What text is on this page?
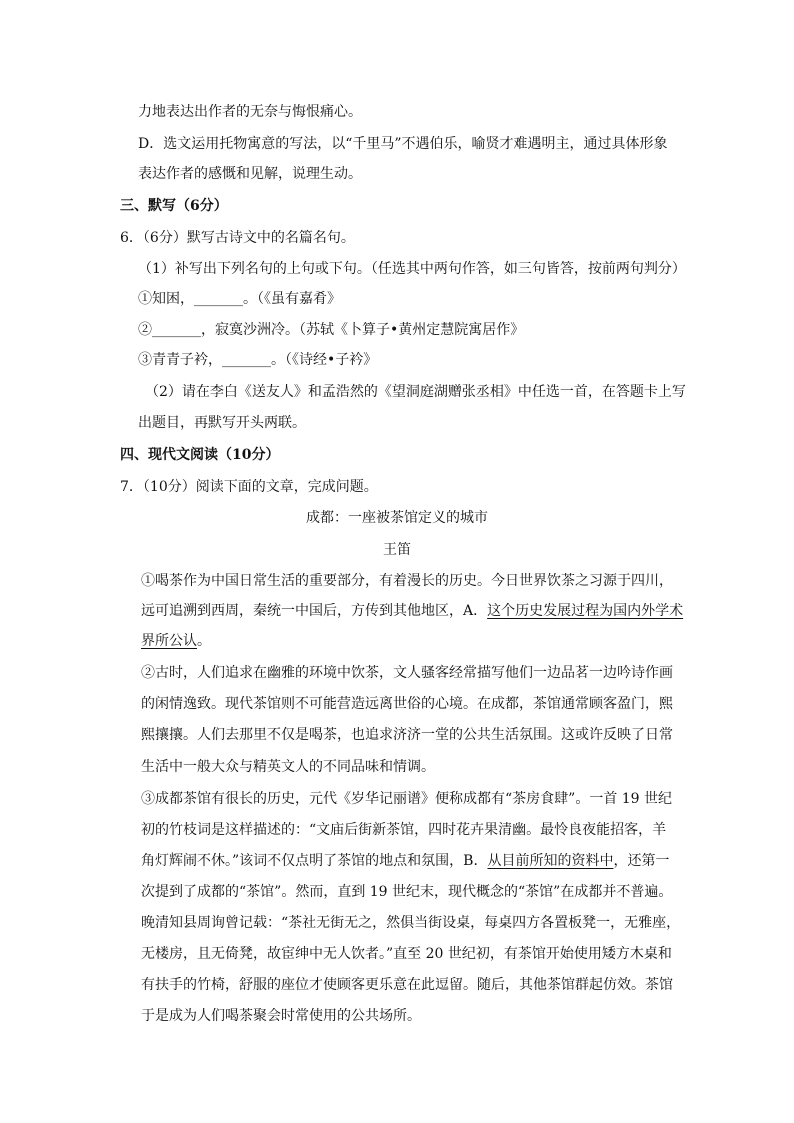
力地表达出作者的无奈与悔恨痛心。
D．选文运用托物寓意的写法，以“千里马”不遇伯乐，喻贤才难遇明主，通过具体形象
表达作者的感慨和见解，说理生动。
三、默写（6分）
6．（6分）默写古诗文中的名篇名句。
（1）补写出下列名句的上句或下句。（任选其中两句作答，如三句皆答，按前两句判分）
①知困，_______。（《虽有嘉肴》
②_______，寂寞沙洲冷。（苏轼《卜算子•黄州定慧院寓居作》
③青青子衿，_______。（《诗经•子衿》
（2）请在李白《送友人》和孟浩然的《望洞庭湖赠张丞相》中任选一首，在答题卡上写
出题目，再默写开头两联。
四、现代文阅读（10分）
7．（10分）阅读下面的文章，完成问题。
成都：一座被茶馆定义的城市
王笛
①喝茶作为中国日常生活的重要部分，有着漫长的历史。今日世界饮茶之习源于四川，
远可追溯到西周，秦统一中国后，方传到其他地区，A．这个历史发展过程为国内外学术
界所公认。
②古时，人们追求在幽雅的环境中饮茶，文人骚客经常描写他们一边品茗一边吟诗作画
的闲情逸致。现代茶馆则不可能营造远离世俗的心境。在成都，茶馆通常顾客盈门，熙
熙攘攘。人们去那里不仅是喝茶，也追求济济一堂的公共生活氛围。这或许反映了日常
生活中一般大众与精英文人的不同品味和情调。
③成都茶馆有很长的历史，元代《岁华记丽谱》便称成都有“茶房食肆”。一首 19 世纪
初的竹枝词是这样描述的：“文庙后街新茶馆，四时花卉果清幽。最怜良夜能招客，羊
角灯辉闹不休。”该词不仅点明了茶馆的地点和氛围，B．从目前所知的资料中，还第一
次提到了成都的“茶馆”。然而，直到 19 世纪末，现代概念的“茶馆”在成都并不普遍。
晚清知县周询曾记载：“茶社无街无之，然俱当街设桌，每桌四方各置板凳一，无雅座，
无楼房，且无倚凳，故宦绅中无人饮者。”直至 20 世纪初，有茶馆开始使用矮方木桌和
有扶手的竹椅，舒服的座位才使顾客更乐意在此逗留。随后，其他茶馆群起仿效。茶馆
于是成为人们喝茶聚会时常使用的公共场所。
